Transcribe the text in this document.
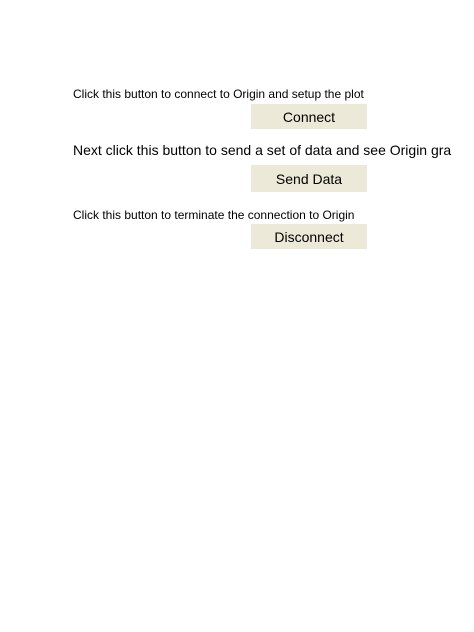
Click this button to connect to Origin and setup the plot
Connect
Next click this button to send a set of data and see Origin gra
Send Data
Click this button to terminate the connection to Origin
Disconnect
